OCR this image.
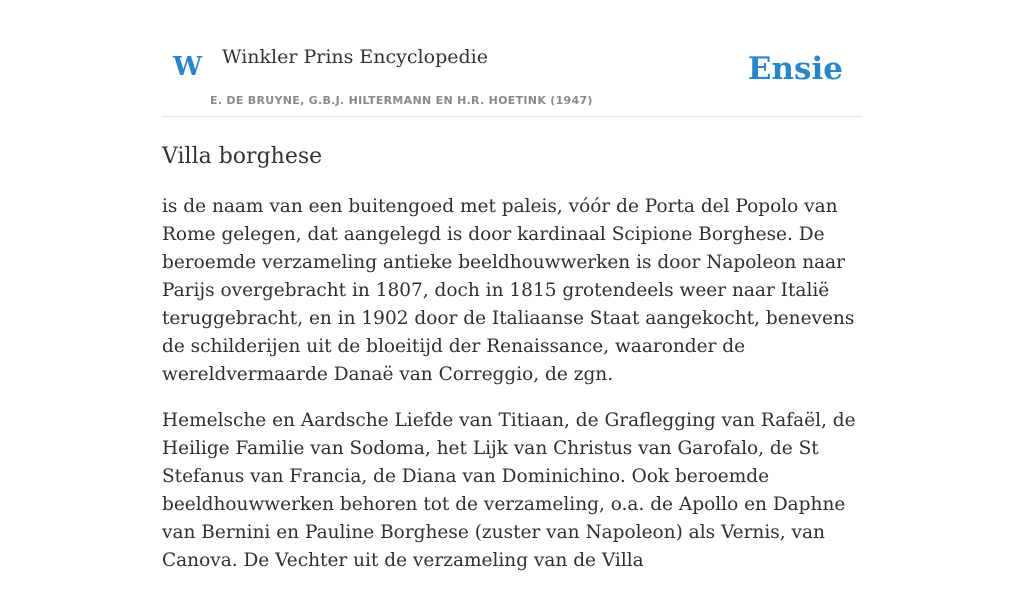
W Winkler Prins Encyclopedie
E. DE BRUYNE, G.B.J. HILTERMANN EN H.R. HOETINK (1947)
Ensie
Villa borghese

is de naam van een buitengoed met paleis, vóór de Porta del Popolo van Rome gelegen, dat aangelegd is door kardinaal Scipione Borghese. De beroemde verzameling antieke beeldhouwwerken is door Napoleon naar Parijs overgebracht in 1807, doch in 1815 grotendeels weer naar Italië teruggebracht, en in 1902 door de Italiaanse Staat aangekocht, benevens de schilderijen uit de bloeitijd der Renaissance, waaronder de wereldvermaarde Danaë van Correggio, de zgn.

Hemelsche en Aardsche Liefde van Titiaan, de Graflegging van Rafaël, de Heilige Familie van Sodoma, het Lijk van Christus van Garofalo, de St Stefanus van Francia, de Diana van Dominichino. Ook beroemde beeldhouwwerken behoren tot de verzameling, o.a. de Apollo en Daphne van Bernini en Pauline Borghese (zuster van Napoleon) als Vernis, van Canova. De Vechter uit de verzameling van de Villa
